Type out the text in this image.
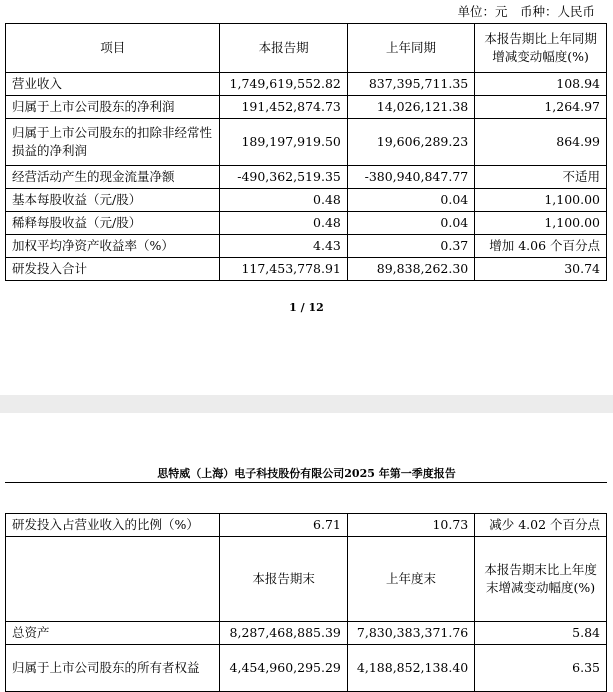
单位：元　币种：人民币
项目	本报告期	上年同期	本报告期比上年同期增减变动幅度(%)
营业收入	1,749,619,552.82	837,395,711.35	108.94
归属于上市公司股东的净利润	191,452,874.73	14,026,121.38	1,264.97
归属于上市公司股东的扣除非经常性损益的净利润	189,197,919.50	19,606,289.23	864.99
经营活动产生的现金流量净额	-490,362,519.35	-380,940,847.77	不适用
基本每股收益（元/股）	0.48	0.04	1,100.00
稀释每股收益（元/股）	0.48	0.04	1,100.00
加权平均净资产收益率（%）	4.43	0.37	增加 4.06 个百分点
研发投入合计	117,453,778.91	89,838,262.30	30.74
1 / 12
思特威（上海）电子科技股份有限公司2025 年第一季度报告
研发投入占营业收入的比例（%）	6.71	10.73	减少 4.02 个百分点
	本报告期末	上年度末	本报告期末比上年度末增减变动幅度(%)
总资产	8,287,468,885.39	7,830,383,371.76	5.84
归属于上市公司股东的所有者权益	4,454,960,295.29	4,188,852,138.40	6.35
